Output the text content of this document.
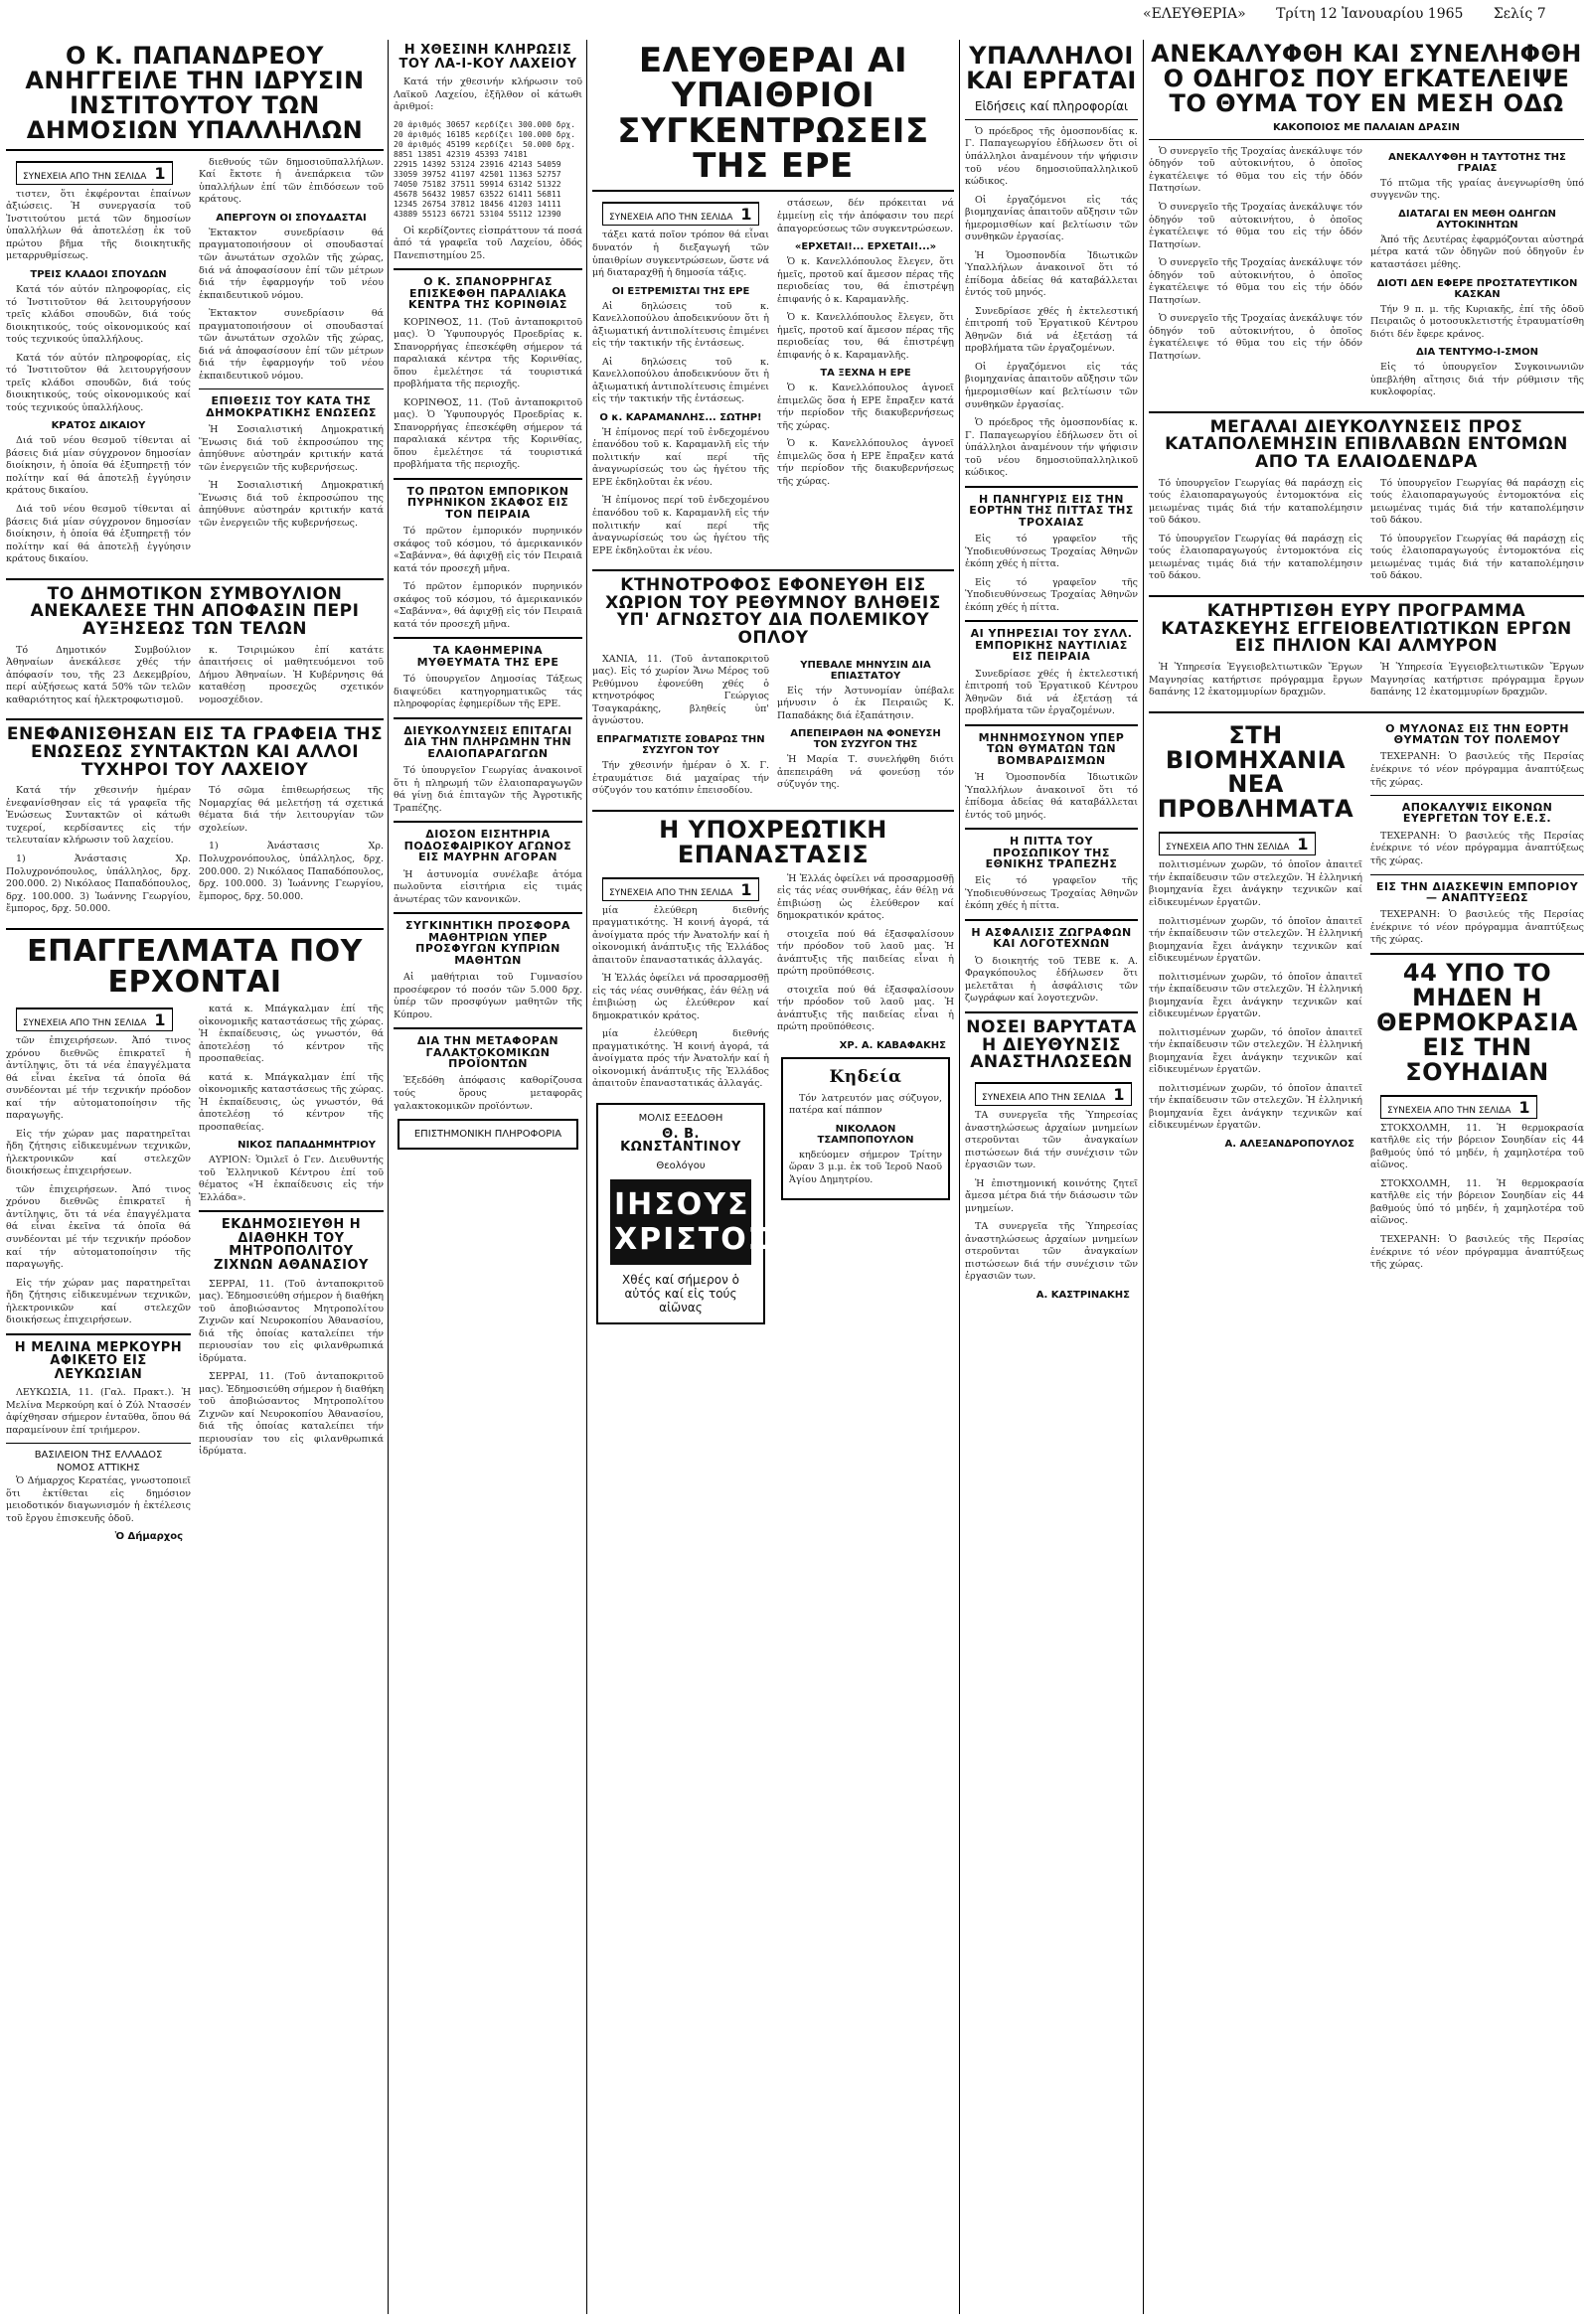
«ΕΛΕΥΘΕΡΙΑ» Τρίτη 12 Ἰανουαρίου 1965 Σελίς 7
Ο Κ. ΠΑΠΑΝΔΡΕΟΥ ΑΝΗΓΓΕΙΛΕ ΤΗΝ ΙΔΡΥΣΙΝ ΙΝΣΤΙΤΟΥΤΟΥ ΤΩΝ ΔΗΜΟΣΙΩΝ ΥΠΑΛΛΗΛΩΝ
ΣΥΝΕΧΕΙΑ ΑΠΟ ΤΗΝ ΣΕΛΙΔΑ 1

τιστεν, ὅτι ἐκφέρονται ἐπαίνων ἀξιώσεις. Ἡ συνεργασία τοῦ Ἰνστιτούτου μετά τῶν δημοσίων ὑπαλλήλων θά ἀποτελέσῃ ἐκ τοῦ πρώτου βῆμα τῆς διοικητικῆς μεταρρυθμίσεως.

ΤΡΕΙΣ ΚΛΑΔΟΙ ΣΠΟΥΔΩΝ

Κατά τόν αὐτόν πληροφορίας, εἰς τό Ἰνστιτοῦτον θά λειτουργήσουν τρεῖς κλάδοι σπουδῶν, διά τούς διοικητικούς, τούς οἰκονομικούς καί τούς τεχνικούς ὑπαλλήλους.

Κατά τόν αὐτόν πληροφορίας, εἰς τό Ἰνστιτοῦτον θά λειτουργήσουν τρεῖς κλάδοι σπουδῶν, διά τούς διοικητικούς, τούς οἰκονομικούς καί τούς τεχνικούς ὑπαλλήλους.

ΚΡΑΤΟΣ ΔΙΚΑΙΟΥ

Διά τοῦ νέου θεσμοῦ τίθενται αἱ βάσεις διά μίαν σύγχρονον δημοσίαν διοίκησιν, ἡ ὁποία θά ἐξυπηρετῇ τόν πολίτην καί θά ἀποτελῇ ἐγγύησιν κράτους δικαίου.

Διά τοῦ νέου θεσμοῦ τίθενται αἱ βάσεις διά μίαν σύγχρονον δημοσίαν διοίκησιν, ἡ ὁποία θά ἐξυπηρετῇ τόν πολίτην καί θά ἀποτελῇ ἐγγύησιν κράτους δικαίου.

διεθνούς τῶν δημοσιοϋπαλλήλων. Καί ἔκτοτε ἡ ἀνεπάρκεια τῶν ὑπαλλήλων ἐπί τῶν ἐπιδόσεων τοῦ κράτους.

ΑΠΕΡΓΟΥΝ ΟΙ ΣΠΟΥΔΑΣΤΑΙ

Ἐκτακτον συνεδρίασιν θά πραγματοποιήσουν οἱ σπουδασταί τῶν ἀνωτάτων σχολῶν τῆς χώρας, διά νά ἀποφασίσουν ἐπί τῶν μέτρων διά τήν ἐφαρμογήν τοῦ νέου ἐκπαιδευτικοῦ νόμου.

Ἐκτακτον συνεδρίασιν θά πραγματοποιήσουν οἱ σπουδασταί τῶν ἀνωτάτων σχολῶν τῆς χώρας, διά νά ἀποφασίσουν ἐπί τῶν μέτρων διά τήν ἐφαρμογήν τοῦ νέου ἐκπαιδευτικοῦ νόμου.

ΕΠΙΘΕΣΙΣ ΤΟΥ ΚΑΤΑ ΤΗΣ ΔΗΜΟΚΡΑΤΙΚΗΣ ΕΝΩΣΕΩΣ

Ἡ Σοσιαλιστική Δημοκρατική Ἕνωσις διά τοῦ ἐκπροσώπου της ἀπηύθυνε αὐστηράν κριτικήν κατά τῶν ἐνεργειῶν τῆς κυβερνήσεως.

Ἡ Σοσιαλιστική Δημοκρατική Ἕνωσις διά τοῦ ἐκπροσώπου της ἀπηύθυνε αὐστηράν κριτικήν κατά τῶν ἐνεργειῶν τῆς κυβερνήσεως.

ΤΟ ΔΗΜΟΤΙΚΟΝ ΣΥΜΒΟΥΛΙΟΝ ΑΝΕΚΑΛΕΣΕ ΤΗΝ ΑΠΟΦΑΣΙΝ ΠΕΡΙ ΑΥΞΗΣΕΩΣ ΤΩΝ ΤΕΛΩΝ

Τό Δημοτικόν Συμβούλιον Ἀθηναίων ἀνεκάλεσε χθές τήν ἀπόφασίν του, τῆς 23 Δεκεμβρίου, περί αὐξήσεως κατά 50% τῶν τελῶν καθαριότητος καί ἠλεκτροφωτισμοῦ.

κ. Τσιριμώκου ἐπί κατάτε ἀπαιτήσεις οἱ μαθητευόμενοι τοῦ Δήμου Ἀθηναίων. Ἡ Κυβέρνησις θά καταθέσῃ προσεχῶς σχετικόν νομοσχέδιον.

ΕΝΕΦΑΝΙΣΘΗΣΑΝ ΕΙΣ ΤΑ ΓΡΑΦΕΙΑ ΤΗΣ ΕΝΩΣΕΩΣ ΣΥΝΤΑΚΤΩΝ ΚΑΙ ΑΛΛΟΙ ΤΥΧΗΡΟΙ ΤΟΥ ΛΑΧΕΙΟΥ

Κατά τήν χθεσινήν ἡμέραν ἐνεφανίσθησαν εἰς τά γραφεῖα τῆς Ἑνώσεως Συντακτῶν οἱ κάτωθι τυχεροί, κερδίσαντες εἰς τήν τελευταίαν κλήρωσιν τοῦ λαχείου.

1) Ἀνάστασις Χρ. Πολυχρονόπουλος, ὑπάλληλος, δρχ. 200.000. 2) Νικόλαος Παπαδόπουλος, δρχ. 100.000. 3) Ἰωάννης Γεωργίου, ἔμπορος, δρχ. 50.000.

Τό σῶμα ἐπιθεωρήσεως τῆς Νομαρχίας θά μελετήσῃ τά σχετικά θέματα διά τήν λειτουργίαν τῶν σχολείων.

1) Ἀνάστασις Χρ. Πολυχρονόπουλος, ὑπάλληλος, δρχ. 200.000. 2) Νικόλαος Παπαδόπουλος, δρχ. 100.000. 3) Ἰωάννης Γεωργίου, ἔμπορος, δρχ. 50.000.

ΕΠΑΓΓΕΛΜΑΤΑ ΠΟΥ ΕΡΧΟΝΤΑΙ
ΣΥΝΕΧΕΙΑ ΑΠΟ ΤΗΝ ΣΕΛΙΔΑ 1

τῶν ἐπιχειρήσεων. Ἀπό τινος χρόνου διεθνῶς ἐπικρατεῖ ἡ ἀντίληψις, ὅτι τά νέα ἐπαγγέλματα θά εἶναι ἐκεῖνα τά ὁποῖα θά συνδέονται μέ τήν τεχνικήν πρόοδον καί τήν αὐτοματοποίησιν τῆς παραγωγῆς.

Εἰς τήν χώραν μας παρατηρεῖται ἤδη ζήτησις εἰδικευμένων τεχνικῶν, ἠλεκτρονικῶν καί στελεχῶν διοικήσεως ἐπιχειρήσεων.

τῶν ἐπιχειρήσεων. Ἀπό τινος χρόνου διεθνῶς ἐπικρατεῖ ἡ ἀντίληψις, ὅτι τά νέα ἐπαγγέλματα θά εἶναι ἐκεῖνα τά ὁποῖα θά συνδέονται μέ τήν τεχνικήν πρόοδον καί τήν αὐτοματοποίησιν τῆς παραγωγῆς.

Εἰς τήν χώραν μας παρατηρεῖται ἤδη ζήτησις εἰδικευμένων τεχνικῶν, ἠλεκτρονικῶν καί στελεχῶν διοικήσεως ἐπιχειρήσεων.

Η ΜΕΛΙΝΑ ΜΕΡΚΟΥΡΗ ΑΦΙΚΕΤΟ ΕΙΣ ΛΕΥΚΩΣΙΑΝ

ΛΕΥΚΩΣΙΑ, 11. (Γαλ. Πρακτ.). Ἡ Μελίνα Μερκούρη καί ὁ Ζύλ Ντασσέν ἀφίχθησαν σήμερον ἐνταῦθα, ὅπου θά παραμείνουν ἐπί τριήμερον.

ΒΑΣΙΛΕΙΟΝ ΤΗΣ ΕΛΛΑΔΟΣ
ΝΟΜΟΣ ΑΤΤΙΚΗΣ

Ὁ Δήμαρχος Κερατέας, γνωστοποιεῖ ὅτι ἐκτίθεται εἰς δημόσιον μειοδοτικόν διαγωνισμόν ἡ ἐκτέλεσις τοῦ ἔργου ἐπισκευῆς ὁδοῦ.

Ὁ Δήμαρχος

κατά κ. Μπάγκαλμαν ἐπί τῆς οἰκονομικῆς καταστάσεως τῆς χώρας. Ἡ ἐκπαίδευσις, ὡς γνωστόν, θά ἀποτελέσῃ τό κέντρον τῆς προσπαθείας.

κατά κ. Μπάγκαλμαν ἐπί τῆς οἰκονομικῆς καταστάσεως τῆς χώρας. Ἡ ἐκπαίδευσις, ὡς γνωστόν, θά ἀποτελέσῃ τό κέντρον τῆς προσπαθείας.

ΝΙΚΟΣ ΠΑΠΑΔΗΜΗΤΡΙΟΥ

ΑΥΡΙΟΝ: Ὁμιλεῖ ὁ Γεν. Διευθυντής τοῦ Ἑλληνικοῦ Κέντρου ἐπί τοῦ θέματος «Ἡ ἐκπαίδευσις εἰς τήν Ἑλλάδα».

ΕΚΔΗΜΟΣΙΕΥΘΗ Η ΔΙΑΘΗΚΗ ΤΟΥ ΜΗΤΡΟΠΟΛΙΤΟΥ ΖΙΧΝΩΝ ΑΘΑΝΑΣΙΟΥ

ΣΕΡΡΑΙ, 11. (Τοῦ ἀνταποκριτοῦ μας). Ἐδημοσιεύθη σήμερον ἡ διαθήκη τοῦ ἀποβιώσαντος Μητροπολίτου Ζιχνῶν καί Νευροκοπίου Ἀθανασίου, διά τῆς ὁποίας καταλείπει τήν περιουσίαν του εἰς φιλανθρωπικά ἱδρύματα.

ΣΕΡΡΑΙ, 11. (Τοῦ ἀνταποκριτοῦ μας). Ἐδημοσιεύθη σήμερον ἡ διαθήκη τοῦ ἀποβιώσαντος Μητροπολίτου Ζιχνῶν καί Νευροκοπίου Ἀθανασίου, διά τῆς ὁποίας καταλείπει τήν περιουσίαν του εἰς φιλανθρωπικά ἱδρύματα.

Η ΧΘΕΣΙΝΗ ΚΛΗΡΩΣΙΣ ΤΟΥ ΛΑ-Ι-ΚΟΥ ΛΑΧΕΙΟΥ

Κατά τήν χθεσινήν κλήρωσιν τοῦ Λαϊκοῦ Λαχείου, ἐξῆλθον οἱ κάτωθι ἀριθμοί:

20 ἀριθμός 30657 κερδίζει 300.000 δρχ.
20 ἀριθμός 16185 κερδίζει 100.000 δρχ.
20 ἀριθμός 45199 κερδίζει  50.000 δρχ.
8851 13851 42319 45393 74181
22915 14392 53124 23916 42143 54059
33059 39752 41197 42501 11363 52757
74050 75182 37511 59914 63142 51322
45678 56432 19857 63522 61411 56811
12345 26754 37812 18456 41203 14111
43889 55123 66721 53104 55112 12390

Οἱ κερδίζοντες εἰσπράττουν τά ποσά ἀπό τά γραφεῖα τοῦ Λαχείου, ὁδός Πανεπιστημίου 25.

Ο Κ. ΣΠΑΝΟΡΡΗΓΑΣ ΕΠΙΣΚΕΦΘΗ ΠΑΡΑΛΙΑΚΑ ΚΕΝΤΡΑ ΤΗΣ ΚΟΡΙΝΘΙΑΣ

ΚΟΡΙΝΘΟΣ, 11. (Τοῦ ἀνταποκριτοῦ μας). Ὁ Ὑφυπουργός Προεδρίας κ. Σπανορρήγας ἐπεσκέφθη σήμερον τά παραλιακά κέντρα τῆς Κορινθίας, ὅπου ἐμελέτησε τά τουριστικά προβλήματα τῆς περιοχῆς.

ΚΟΡΙΝΘΟΣ, 11. (Τοῦ ἀνταποκριτοῦ μας). Ὁ Ὑφυπουργός Προεδρίας κ. Σπανορρήγας ἐπεσκέφθη σήμερον τά παραλιακά κέντρα τῆς Κορινθίας, ὅπου ἐμελέτησε τά τουριστικά προβλήματα τῆς περιοχῆς.

ΤΟ ΠΡΩΤΟΝ ΕΜΠΟΡΙΚΟΝ ΠΥΡΗΝΙΚΟΝ ΣΚΑΦΟΣ ΕΙΣ ΤΟΝ ΠΕΙΡΑΙΑ

Τό πρῶτον ἐμπορικόν πυρηνικόν σκάφος τοῦ κόσμου, τό ἀμερικανικόν «Σαβάννα», θά ἀφιχθῇ εἰς τόν Πειραιᾶ κατά τόν προσεχῆ μῆνα.

Τό πρῶτον ἐμπορικόν πυρηνικόν σκάφος τοῦ κόσμου, τό ἀμερικανικόν «Σαβάννα», θά ἀφιχθῇ εἰς τόν Πειραιᾶ κατά τόν προσεχῆ μῆνα.

ΤΑ ΚΑΘΗΜΕΡΙΝΑ ΜΥΘΕΥΜΑΤΑ ΤΗΣ ΕΡΕ

Τό ὑπουργεῖον Δημοσίας Τάξεως διαψεύδει κατηγορηματικῶς τάς πληροφορίας ἐφημερίδων τῆς ΕΡΕ.

ΔΙΕΥΚΟΛΥΝΣΕΙΣ ΕΠΙΤΑΓΑΙ ΔΙΑ ΤΗΝ ΠΛΗΡΩΜΗΝ ΤΗΝ ΕΛΑΙΟΠΑΡΑΓΩΓΩΝ

Τό ὑπουργεῖον Γεωργίας ἀνακοινοῖ ὅτι ἡ πληρωμή τῶν ἐλαιοπαραγωγῶν θά γίνῃ διά ἐπιταγῶν τῆς Ἀγροτικῆς Τραπέζης.

ΔΙΟΣΟΝ ΕΙΣΗΤΗΡΙΑ ΠΟΔΟΣΦΑΙΡΙΚΟΥ ΑΓΩΝΟΣ ΕΙΣ ΜΑΥΡΗΝ ΑΓΟΡΑΝ

Ἡ ἀστυνομία συνέλαβε ἀτόμα πωλοῦντα εἰσιτήρια εἰς τιμάς ἀνωτέρας τῶν κανονικῶν.

ΣΥΓΚΙΝΗΤΙΚΗ ΠΡΟΣΦΟΡΑ ΜΑΘΗΤΡΙΩΝ ΥΠΕΡ ΠΡΟΣΦΥΓΩΝ ΚΥΠΡΙΩΝ ΜΑΘΗΤΩΝ

Αἱ μαθήτριαι τοῦ Γυμνασίου προσέφερον τό ποσόν τῶν 5.000 δρχ. ὑπέρ τῶν προσφύγων μαθητῶν τῆς Κύπρου.

ΔΙΑ ΤΗΝ ΜΕΤΑΦΟΡΑΝ ΓΑΛΑΚΤΟΚΟΜΙΚΩΝ ΠΡΟΪΟΝΤΩΝ

Ἐξεδόθη ἀπόφασις καθορίζουσα τούς ὅρους μεταφορᾶς γαλακτοκομικῶν προϊόντων.

ΕΠΙΣΤΗΜΟΝΙΚΗ ΠΛΗΡΟΦΟΡΙΑ
ΕΛΕΥΘΕΡΑΙ ΑΙ ΥΠΑΙΘΡΙΟΙ ΣΥΓΚΕΝΤΡΩΣΕΙΣ ΤΗΣ ΕΡΕ
ΣΥΝΕΧΕΙΑ ΑΠΟ ΤΗΝ ΣΕΛΙΔΑ 1

τάξει κατά ποῖον τρόπον θά εἶναι δυνατόν ἡ διεξαγωγή τῶν ὑπαιθρίων συγκεντρώσεων, ὥστε νά μή διαταραχθῇ ἡ δημοσία τάξις.

ΟΙ ΕΞΤΡΕΜΙΣΤΑΙ ΤΗΣ ΕΡΕ

Αἱ δηλώσεις τοῦ κ. Κανελλοπούλου ἀποδεικνύουν ὅτι ἡ ἀξιωματική ἀντιπολίτευσις ἐπιμένει εἰς τήν τακτικήν τῆς ἐντάσεως.

Αἱ δηλώσεις τοῦ κ. Κανελλοπούλου ἀποδεικνύουν ὅτι ἡ ἀξιωματική ἀντιπολίτευσις ἐπιμένει εἰς τήν τακτικήν τῆς ἐντάσεως.

Ο κ. ΚΑΡΑΜΑΝΛΗΣ... ΣΩΤΗΡ!

Ἡ ἐπίμονος περί τοῦ ἐνδεχομένου ἐπανόδου τοῦ κ. Καραμανλῆ εἰς τήν πολιτικήν καί περί τῆς ἀναγνωρίσεώς του ὡς ἡγέτου τῆς ΕΡΕ ἐκδηλοῦται ἐκ νέου.

Ἡ ἐπίμονος περί τοῦ ἐνδεχομένου ἐπανόδου τοῦ κ. Καραμανλῆ εἰς τήν πολιτικήν καί περί τῆς ἀναγνωρίσεώς του ὡς ἡγέτου τῆς ΕΡΕ ἐκδηλοῦται ἐκ νέου.

στάσεων, δέν πρόκειται νά ἐμμείνῃ εἰς τήν ἀπόφασιν του περί ἀπαγορεύσεως τῶν συγκεντρώσεων.

«ΕΡΧΕΤΑΙ!... ΕΡΧΕΤΑΙ!...»

Ὁ κ. Κανελλόπουλος ἔλεγεν, ὅτι ἡμεῖς, προτοῦ καί ἄμεσον πέρας τῆς περιοδείας του, θά ἐπιστρέψῃ ἐπιφανής ὁ κ. Καραμανλῆς.

Ὁ κ. Κανελλόπουλος ἔλεγεν, ὅτι ἡμεῖς, προτοῦ καί ἄμεσον πέρας τῆς περιοδείας του, θά ἐπιστρέψῃ ἐπιφανής ὁ κ. Καραμανλῆς.

ΤΑ ΞΕΧΝΑ Η ΕΡΕ

Ὁ κ. Κανελλόπουλος ἀγνοεῖ ἐπιμελῶς ὅσα ἡ ΕΡΕ ἔπραξεν κατά τήν περίοδον τῆς διακυβερνήσεως τῆς χώρας.

Ὁ κ. Κανελλόπουλος ἀγνοεῖ ἐπιμελῶς ὅσα ἡ ΕΡΕ ἔπραξεν κατά τήν περίοδον τῆς διακυβερνήσεως τῆς χώρας.

ΚΤΗΝΟΤΡΟΦΟΣ ΕΦΟΝΕΥΘΗ ΕΙΣ ΧΩΡΙΟΝ ΤΟΥ ΡΕΘΥΜΝΟΥ ΒΛΗΘΕΙΣ ΥΠ' ΑΓΝΩΣΤΟΥ ΔΙΑ ΠΟΛΕΜΙΚΟΥ ΟΠΛΟΥ

ΧΑΝΙΑ, 11. (Τοῦ ἀνταποκριτοῦ μας). Εἰς τό χωρίον Ἄνω Μέρος τοῦ Ρεθύμνου ἐφονεύθη χθές ὁ κτηνοτρόφος Γεώργιος Τσαγκαράκης, βληθείς ὑπ' ἀγνώστου.

ΕΠΡΑΓΜΑΤΙΣΤΕ ΣΟΒΑΡΩΣ ΤΗΝ ΣΥΖΥΓΟΝ ΤΟΥ

Τήν χθεσινήν ἡμέραν ὁ Χ. Γ. ἐτραυμάτισε διά μαχαίρας τήν σύζυγόν του κατόπιν ἐπεισοδίου.

ΥΠΕΒΑΛΕ ΜΗΝΥΣΙΝ ΔΙΑ ΕΠΙΑΣΤΑΤΟΥ

Εἰς τήν Ἀστυνομίαν ὑπέβαλε μήνυσιν ὁ ἐκ Πειραιῶς Κ. Παπαδάκης διά ἐξαπάτησιν.

ΑΠΕΠΕΙΡΑΘΗ ΝΑ ΦΟΝΕΥΣΗ ΤΟΝ ΣΥΖΥΓΟΝ ΤΗΣ

Ἡ Μαρία Τ. συνελήφθη διότι ἀπεπειράθη νά φονεύσῃ τόν σύζυγόν της.

Η ΥΠΟΧΡΕΩΤΙΚΗ ΕΠΑΝΑΣΤΑΣΙΣ
ΣΥΝΕΧΕΙΑ ΑΠΟ ΤΗΝ ΣΕΛΙΔΑ 1

μία ἐλεύθερη διεθνής πραγματικότης. Ἡ κοινή ἀγορά, τά ἀνοίγματα πρός τήν Ἀνατολήν καί ἡ οἰκονομική ἀνάπτυξις τῆς Ἑλλάδος ἀπαιτοῦν ἐπαναστατικάς ἀλλαγάς.

Ἡ Ἑλλάς ὀφείλει νά προσαρμοσθῇ εἰς τάς νέας συνθήκας, ἐάν θέλῃ νά ἐπιβιώσῃ ὡς ἐλεύθερον καί δημοκρατικόν κράτος.

μία ἐλεύθερη διεθνής πραγματικότης. Ἡ κοινή ἀγορά, τά ἀνοίγματα πρός τήν Ἀνατολήν καί ἡ οἰκονομική ἀνάπτυξις τῆς Ἑλλάδος ἀπαιτοῦν ἐπαναστατικάς ἀλλαγάς.

ΜΟΛΙΣ ΕΞΕΔΟΘΗ
Θ. Β. ΚΩΝΣΤΑΝΤΙΝΟΥ
Θεολόγου
ΙΗΣΟΥΣ ΧΡΙΣΤΟΣ
Χθές καί σήμερον ὁ αὐτός καί εἰς τούς αἰῶνας

Ἡ Ἑλλάς ὀφείλει νά προσαρμοσθῇ εἰς τάς νέας συνθήκας, ἐάν θέλῃ νά ἐπιβιώσῃ ὡς ἐλεύθερον καί δημοκρατικόν κράτος.

στοιχεῖα πού θά ἐξασφαλίσουν τήν πρόοδον τοῦ λαοῦ μας. Ἡ ἀνάπτυξις τῆς παιδείας εἶναι ἡ πρώτη προϋπόθεσις.

στοιχεῖα πού θά ἐξασφαλίσουν τήν πρόοδον τοῦ λαοῦ μας. Ἡ ἀνάπτυξις τῆς παιδείας εἶναι ἡ πρώτη προϋπόθεσις.

ΧΡ. Α. ΚΑΒΑΦΑΚΗΣ
Κηδεία

Τόν λατρευτόν μας σύζυγον, πατέρα καί πάππον

ΝΙΚΟΛΑΟΝ ΤΣΑΜΠΟΠΟΥΛΟΝ

κηδεύομεν σήμερον Τρίτην ὥραν 3 μ.μ. ἐκ τοῦ Ἱεροῦ Ναοῦ Ἁγίου Δημητρίου.

ΥΠΑΛΛΗΛΟΙ ΚΑΙ ΕΡΓΑΤΑΙ
Εἰδήσεις καί πληροφορίαι

Ὁ πρόεδρος τῆς ὁμοσπονδίας κ. Γ. Παπαγεωργίου ἐδήλωσεν ὅτι οἱ ὑπάλληλοι ἀναμένουν τήν ψήφισιν τοῦ νέου δημοσιοϋπαλληλικοῦ κώδικος.

Οἱ ἐργαζόμενοι εἰς τάς βιομηχανίας ἀπαιτοῦν αὔξησιν τῶν ἡμερομισθίων καί βελτίωσιν τῶν συνθηκῶν ἐργασίας.

Ἡ Ὁμοσπονδία Ἰδιωτικῶν Ὑπαλλήλων ἀνακοινοῖ ὅτι τό ἐπίδομα ἀδείας θά καταβάλλεται ἐντός τοῦ μηνός.

Συνεδρίασε χθές ἡ ἐκτελεστική ἐπιτροπή τοῦ Ἐργατικοῦ Κέντρου Ἀθηνῶν διά νά ἐξετάσῃ τά προβλήματα τῶν ἐργαζομένων.

Οἱ ἐργαζόμενοι εἰς τάς βιομηχανίας ἀπαιτοῦν αὔξησιν τῶν ἡμερομισθίων καί βελτίωσιν τῶν συνθηκῶν ἐργασίας.

Ὁ πρόεδρος τῆς ὁμοσπονδίας κ. Γ. Παπαγεωργίου ἐδήλωσεν ὅτι οἱ ὑπάλληλοι ἀναμένουν τήν ψήφισιν τοῦ νέου δημοσιοϋπαλληλικοῦ κώδικος.

Η ΠΑΝΗΓΥΡΙΣ ΕΙΣ ΤΗΝ ΕΟΡΤΗΝ ΤΗΣ ΠΙΤΤΑΣ ΤΗΣ ΤΡΟΧΑΙΑΣ

Εἰς τό γραφεῖον τῆς Ὑποδιευθύνσεως Τροχαίας Ἀθηνῶν ἐκόπη χθές ἡ πίττα.

Εἰς τό γραφεῖον τῆς Ὑποδιευθύνσεως Τροχαίας Ἀθηνῶν ἐκόπη χθές ἡ πίττα.

ΑΙ ΥΠΗΡΕΣΙΑΙ ΤΟΥ ΣΥΛΛ. ΕΜΠΟΡΙΚΗΣ ΝΑΥΤΙΛΙΑΣ ΕΙΣ ΠΕΙΡΑΙΑ

Συνεδρίασε χθές ἡ ἐκτελεστική ἐπιτροπή τοῦ Ἐργατικοῦ Κέντρου Ἀθηνῶν διά νά ἐξετάσῃ τά προβλήματα τῶν ἐργαζομένων.

ΜΗΝΗΜΟΣΥΝΟΝ ΥΠΕΡ ΤΩΝ ΘΥΜΑΤΩΝ ΤΩΝ ΒΟΜΒΑΡΔΙΣΜΩΝ

Ἡ Ὁμοσπονδία Ἰδιωτικῶν Ὑπαλλήλων ἀνακοινοῖ ὅτι τό ἐπίδομα ἀδείας θά καταβάλλεται ἐντός τοῦ μηνός.

Η ΠΙΤΤΑ ΤΟΥ ΠΡΟΣΩΠΙΚΟΥ ΤΗΣ ΕΘΝΙΚΗΣ ΤΡΑΠΕΖΗΣ

Εἰς τό γραφεῖον τῆς Ὑποδιευθύνσεως Τροχαίας Ἀθηνῶν ἐκόπη χθές ἡ πίττα.

Η ΑΣΦΑΛΙΣΙΣ ΖΩΓΡΑΦΩΝ ΚΑΙ ΛΟΓΟΤΕΧΝΩΝ

Ὁ διοικητής τοῦ ΤΕΒΕ κ. Α. Φραγκόπουλος ἐδήλωσεν ὅτι μελετᾶται ἡ ἀσφάλισις τῶν ζωγράφων καί λογοτεχνῶν.

ΝΟΣΕΙ ΒΑΡΥΤΑΤΑ Η ΔΙΕΥΘΥΝΣΙΣ ΑΝΑΣΤΗΛΩΣΕΩΝ
ΣΥΝΕΧΕΙΑ ΑΠΟ ΤΗΝ ΣΕΛΙΔΑ 1

ΤΑ συνεργεῖα τῆς Ὑπηρεσίας ἀναστηλώσεως ἀρχαίων μνημείων στεροῦνται τῶν ἀναγκαίων πιστώσεων διά τήν συνέχισιν τῶν ἐργασιῶν των.

Ἡ ἐπιστημονική κοινότης ζητεῖ ἄμεσα μέτρα διά τήν διάσωσιν τῶν μνημείων.

ΤΑ συνεργεῖα τῆς Ὑπηρεσίας ἀναστηλώσεως ἀρχαίων μνημείων στεροῦνται τῶν ἀναγκαίων πιστώσεων διά τήν συνέχισιν τῶν ἐργασιῶν των.

Α. ΚΑΣΤΡΙΝΑΚΗΣ
ΑΝΕΚΑΛΥΦΘΗ ΚΑΙ ΣΥΝΕΛΗΦΘΗ Ο ΟΔΗΓΟΣ ΠΟΥ ΕΓΚΑΤΕΛΕΙΨΕ ΤΟ ΘΥΜΑ ΤΟΥ ΕΝ ΜΕΣΗ ΟΔΩ
ΚΑΚΟΠΟΙΟΣ ΜΕ ΠΑΛΑΙΑΝ ΔΡΑΣΙΝ

Ὁ συνεργεῖο τῆς Τροχαίας ἀνεκάλυψε τόν ὁδηγόν τοῦ αὐτοκινήτου, ὁ ὁποῖος ἐγκατέλειψε τό θῦμα του εἰς τήν ὁδόν Πατησίων.

Ὁ συνεργεῖο τῆς Τροχαίας ἀνεκάλυψε τόν ὁδηγόν τοῦ αὐτοκινήτου, ὁ ὁποῖος ἐγκατέλειψε τό θῦμα του εἰς τήν ὁδόν Πατησίων.

Ὁ συνεργεῖο τῆς Τροχαίας ἀνεκάλυψε τόν ὁδηγόν τοῦ αὐτοκινήτου, ὁ ὁποῖος ἐγκατέλειψε τό θῦμα του εἰς τήν ὁδόν Πατησίων.

Ὁ συνεργεῖο τῆς Τροχαίας ἀνεκάλυψε τόν ὁδηγόν τοῦ αὐτοκινήτου, ὁ ὁποῖος ἐγκατέλειψε τό θῦμα του εἰς τήν ὁδόν Πατησίων.

ΑΝΕΚΑΛΥΦΘΗ Η ΤΑΥΤΟΤΗΣ ΤΗΣ ΓΡΑΙΑΣ

Τό πτῶμα τῆς γραίας ἀνεγνωρίσθη ὑπό συγγενῶν της.

ΔΙΑΤΑΓΑΙ ΕΝ ΜΕΘΗ ΟΔΗΓΩΝ ΑΥΤΟΚΙΝΗΤΩΝ

Ἀπό τῆς Δευτέρας ἐφαρμόζονται αὐστηρά μέτρα κατά τῶν ὁδηγῶν πού ὁδηγοῦν ἐν καταστάσει μέθης.

ΔΙΟΤΙ ΔΕΝ ΕΦΕΡΕ ΠΡΟΣΤΑΤΕΥΤΙΚΟΝ ΚΑΣΚΑΝ

Τήν 9 π. μ. τῆς Κυριακῆς, ἐπί τῆς ὁδοῦ Πειραιῶς ὁ μοτοσυκλετιστής ἐτραυματίσθη διότι δέν ἔφερε κράνος.

ΔΙΑ ΤΕΝΤΥΜΟ-Ι-ΣΜΟΝ

Εἰς τό ὑπουργεῖον Συγκοινωνιῶν ὑπεβλήθη αἴτησις διά τήν ρύθμισιν τῆς κυκλοφορίας.

ΜΕΓΑΛΑΙ ΔΙΕΥΚΟΛΥΝΣΕΙΣ ΠΡΟΣ ΚΑΤΑΠΟΛΕΜΗΣΙΝ ΕΠΙΒΛΑΒΩΝ ΕΝΤΟΜΩΝ ΑΠΟ ΤΑ ΕΛΑΙΟΔΕΝΔΡΑ

Τό ὑπουργεῖον Γεωργίας θά παράσχῃ εἰς τούς ἐλαιοπαραγωγούς ἐντομοκτόνα εἰς μειωμένας τιμάς διά τήν καταπολέμησιν τοῦ δάκου.

Τό ὑπουργεῖον Γεωργίας θά παράσχῃ εἰς τούς ἐλαιοπαραγωγούς ἐντομοκτόνα εἰς μειωμένας τιμάς διά τήν καταπολέμησιν τοῦ δάκου.

Τό ὑπουργεῖον Γεωργίας θά παράσχῃ εἰς τούς ἐλαιοπαραγωγούς ἐντομοκτόνα εἰς μειωμένας τιμάς διά τήν καταπολέμησιν τοῦ δάκου.

Τό ὑπουργεῖον Γεωργίας θά παράσχῃ εἰς τούς ἐλαιοπαραγωγούς ἐντομοκτόνα εἰς μειωμένας τιμάς διά τήν καταπολέμησιν τοῦ δάκου.

ΚΑΤΗΡΤΙΣΘΗ ΕΥΡΥ ΠΡΟΓΡΑΜΜΑ ΚΑΤΑΣΚΕΥΗΣ ΕΓΓΕΙΟΒΕΛΤΙΩΤΙΚΩΝ ΕΡΓΩΝ ΕΙΣ ΠΗΛΙΟΝ ΚΑΙ ΑΛΜΥΡΟΝ

Ἡ Ὑπηρεσία Ἐγγειοβελτιωτικῶν Ἔργων Μαγνησίας κατήρτισε πρόγραμμα ἔργων δαπάνης 12 ἑκατομμυρίων δραχμῶν.

Ἡ Ὑπηρεσία Ἐγγειοβελτιωτικῶν Ἔργων Μαγνησίας κατήρτισε πρόγραμμα ἔργων δαπάνης 12 ἑκατομμυρίων δραχμῶν.

ΣΤΗ ΒΙΟΜΗΧΑΝΙΑ ΝΕΑ ΠΡΟΒΛΗΜΑΤΑ
ΣΥΝΕΧΕΙΑ ΑΠΟ ΤΗΝ ΣΕΛΙΔΑ 1

πολιτισμένων χωρῶν, τό ὁποῖον ἀπαιτεῖ τήν ἐκπαίδευσιν τῶν στελεχῶν. Ἡ ἑλληνική βιομηχανία ἔχει ἀνάγκην τεχνικῶν καί εἰδικευμένων ἐργατῶν.

πολιτισμένων χωρῶν, τό ὁποῖον ἀπαιτεῖ τήν ἐκπαίδευσιν τῶν στελεχῶν. Ἡ ἑλληνική βιομηχανία ἔχει ἀνάγκην τεχνικῶν καί εἰδικευμένων ἐργατῶν.

πολιτισμένων χωρῶν, τό ὁποῖον ἀπαιτεῖ τήν ἐκπαίδευσιν τῶν στελεχῶν. Ἡ ἑλληνική βιομηχανία ἔχει ἀνάγκην τεχνικῶν καί εἰδικευμένων ἐργατῶν.

πολιτισμένων χωρῶν, τό ὁποῖον ἀπαιτεῖ τήν ἐκπαίδευσιν τῶν στελεχῶν. Ἡ ἑλληνική βιομηχανία ἔχει ἀνάγκην τεχνικῶν καί εἰδικευμένων ἐργατῶν.

πολιτισμένων χωρῶν, τό ὁποῖον ἀπαιτεῖ τήν ἐκπαίδευσιν τῶν στελεχῶν. Ἡ ἑλληνική βιομηχανία ἔχει ἀνάγκην τεχνικῶν καί εἰδικευμένων ἐργατῶν.

Α. ΑΛΕΞΑΝΔΡΟΠΟΥΛΟΣ
Ο ΜΥΛΟΝΑΣ ΕΙΣ ΤΗΝ ΕΟΡΤΗ ΘΥΜΑΤΩΝ ΤΟΥ ΠΟΛΕΜΟΥ

ΤΕΧΕΡΑΝΗ: Ὁ βασιλεύς τῆς Περσίας ἐνέκρινε τό νέον πρόγραμμα ἀναπτύξεως τῆς χώρας.

ΑΠΟΚΑΛΥΨΙΣ ΕΙΚΟΝΩΝ ΕΥΕΡΓΕΤΩΝ ΤΟΥ Ε.Ε.Σ.

ΤΕΧΕΡΑΝΗ: Ὁ βασιλεύς τῆς Περσίας ἐνέκρινε τό νέον πρόγραμμα ἀναπτύξεως τῆς χώρας.

ΕΙΣ ΤΗΝ ΔΙΑΣΚΕΨΙΝ ΕΜΠΟΡΙΟΥ — ΑΝΑΠΤΥΞΕΩΣ

ΤΕΧΕΡΑΝΗ: Ὁ βασιλεύς τῆς Περσίας ἐνέκρινε τό νέον πρόγραμμα ἀναπτύξεως τῆς χώρας.

44 ΥΠΟ ΤΟ ΜΗΔΕΝ Η ΘΕΡΜΟΚΡΑΣΙΑ ΕΙΣ ΤΗΝ ΣΟΥΗΔΙΑΝ
ΣΥΝΕΧΕΙΑ ΑΠΟ ΤΗΝ ΣΕΛΙΔΑ 1

ΣΤΟΚΧΟΛΜΗ, 11. Ἡ θερμοκρασία κατῆλθε εἰς τήν βόρειον Σουηδίαν εἰς 44 βαθμούς ὑπό τό μηδέν, ἡ χαμηλοτέρα τοῦ αἰῶνος.

ΣΤΟΚΧΟΛΜΗ, 11. Ἡ θερμοκρασία κατῆλθε εἰς τήν βόρειον Σουηδίαν εἰς 44 βαθμούς ὑπό τό μηδέν, ἡ χαμηλοτέρα τοῦ αἰῶνος.

ΤΕΧΕΡΑΝΗ: Ὁ βασιλεύς τῆς Περσίας ἐνέκρινε τό νέον πρόγραμμα ἀναπτύξεως τῆς χώρας.
